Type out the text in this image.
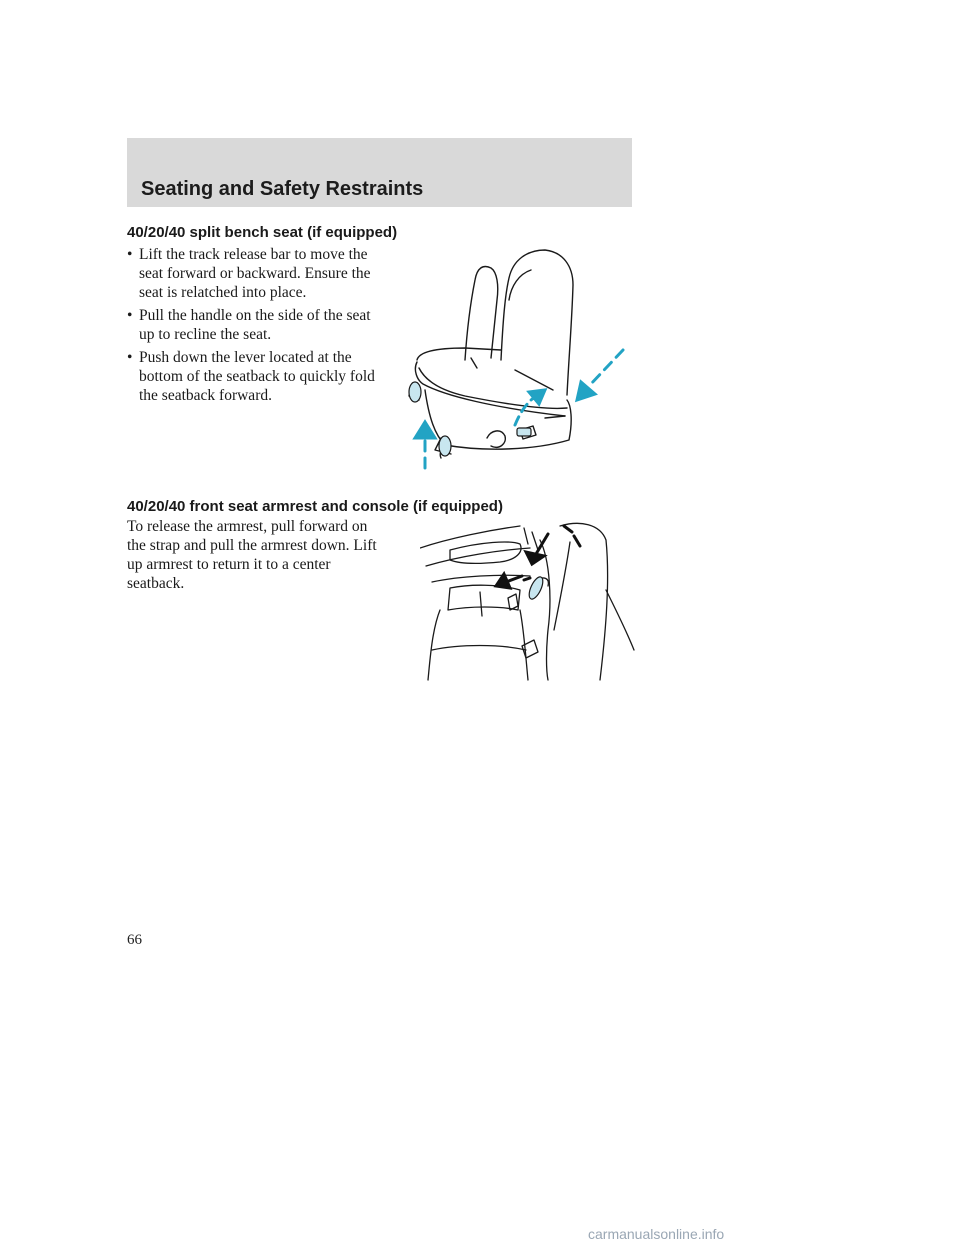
Seating and Safety Restraints
40/20/40 split bench seat (if equipped)
• Lift the track release bar to move the seat forward or backward. Ensure the seat is relatched into place.
• Pull the handle on the side of the seat up to recline the seat.
• Push down the lever located at the bottom of the seatback to quickly fold the seatback forward.
40/20/40 front seat armrest and console (if equipped)

To release the armrest, pull forward on the strap and pull the armrest down. Lift up armrest to return it to a center seatback.

66

carmanualsonline.info
